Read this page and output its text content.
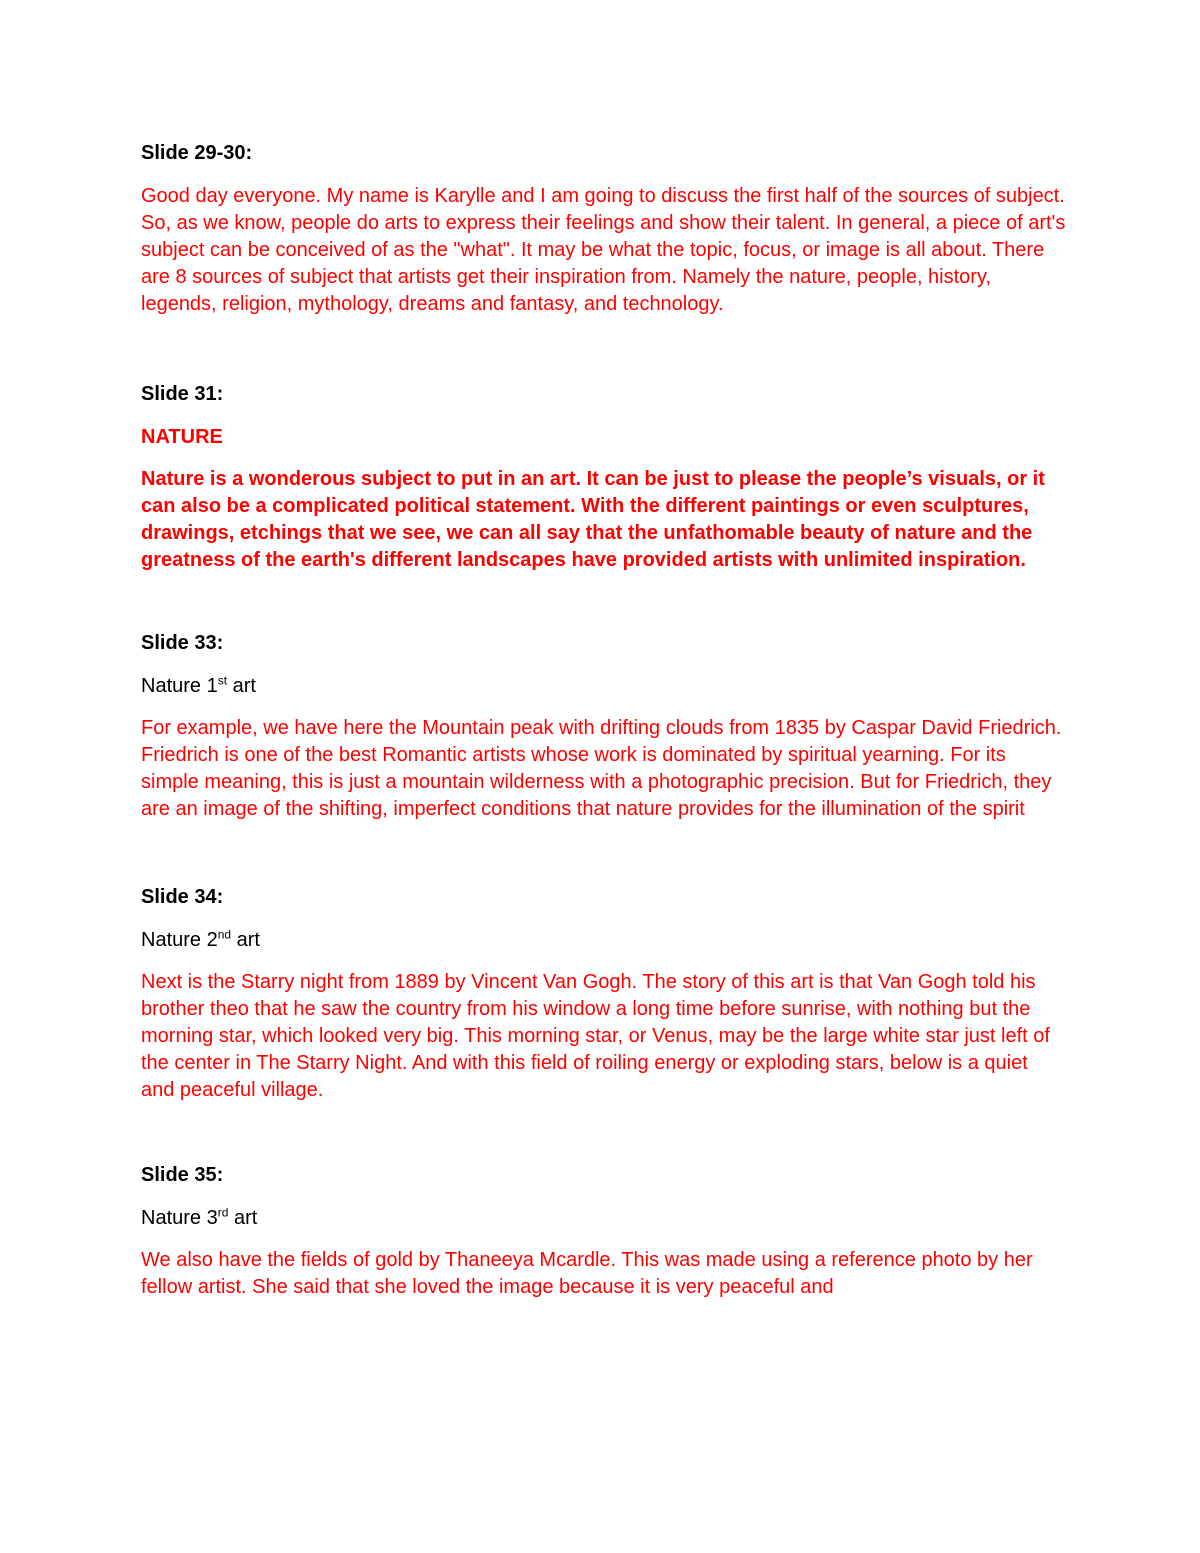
Slide 29-30:

Good day everyone. My name is Karylle and I am going to discuss the first half of the sources of subject. So, as we know, people do arts to express their feelings and show their talent. In general, a piece of art's subject can be conceived of as the "what". It may be what the topic, focus, or image is all about. There are 8 sources of subject that artists get their inspiration from. Namely the nature, people, history, legends, religion, mythology, dreams and fantasy, and technology.

Slide 31:

NATURE

Nature is a wonderous subject to put in an art. It can be just to please the people’s visuals, or it can also be a complicated political statement. With the different paintings or even sculptures, drawings, etchings that we see, we can all say that the unfathomable beauty of nature and the greatness of the earth's different landscapes have provided artists with unlimited inspiration.

Slide 33:

Nature 1st art

For example, we have here the Mountain peak with drifting clouds from 1835 by Caspar David Friedrich. Friedrich is one of the best Romantic artists whose work is dominated by spiritual yearning. For its simple meaning, this is just a mountain wilderness with a photographic precision. But for Friedrich, they are an image of the shifting, imperfect conditions that nature provides for the illumination of the spirit

Slide 34:

Nature 2nd art

Next is the Starry night from 1889 by Vincent Van Gogh. The story of this art is that Van Gogh told his brother theo that he saw the country from his window a long time before sunrise, with nothing but the morning star, which looked very big. This morning star, or Venus, may be the large white star just left of the center in The Starry Night. And with this field of roiling energy or exploding stars, below is a quiet and peaceful village.

Slide 35:

Nature 3rd art

We also have the fields of gold by Thaneeya Mcardle. This was made using a reference photo by her fellow artist. She said that she loved the image because it is very peaceful and
